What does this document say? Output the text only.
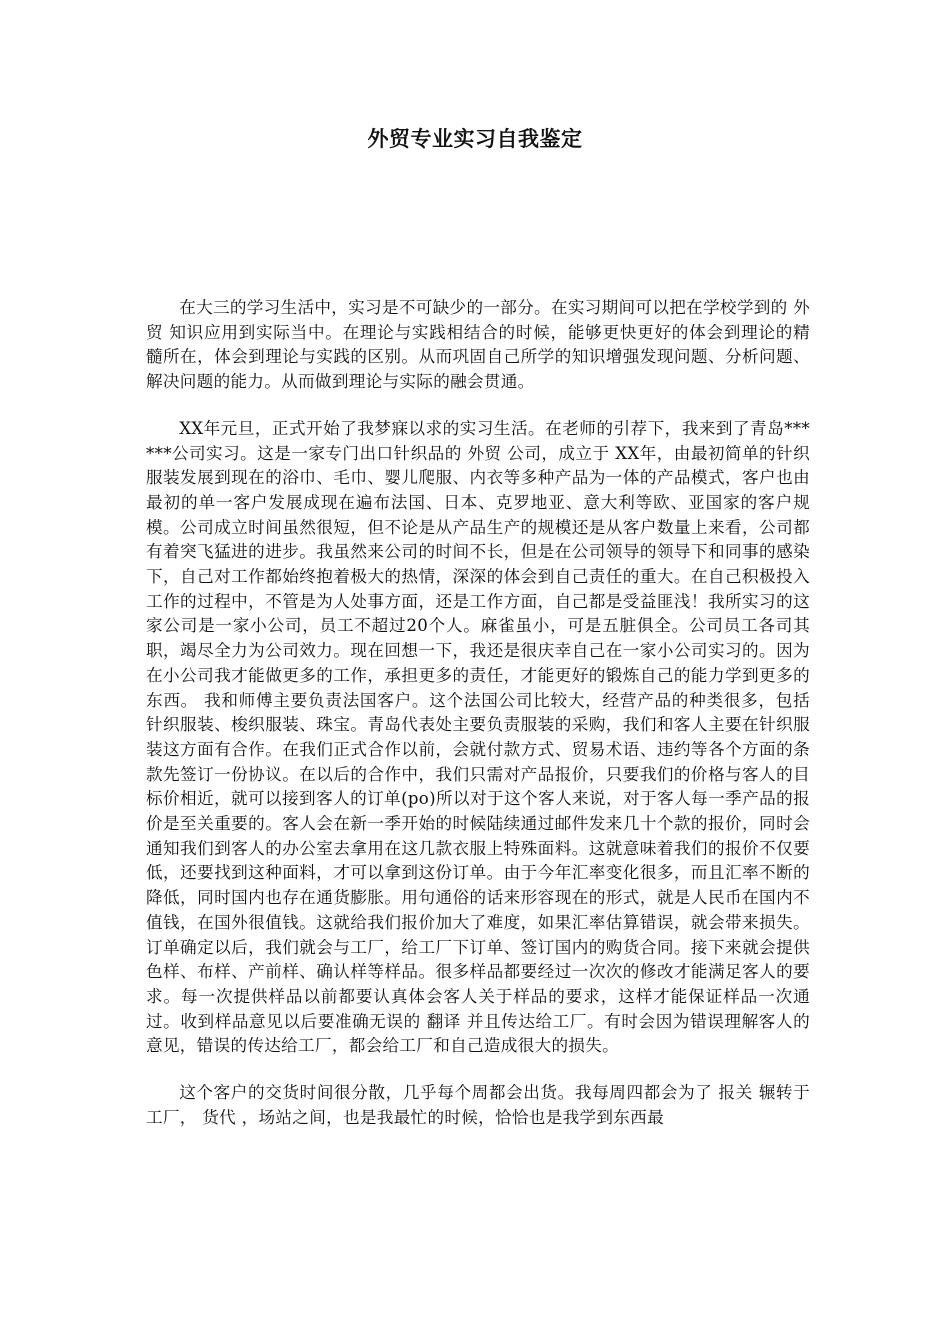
外贸专业实习自我鉴定

在大三的学习生活中，实习是不可缺少的一部分。在实习期间可以把在学校学到的 外贸 知识应用到实际当中。在理论与实践相结合的时候，能够更快更好的体会到理论的精髓所在，体会到理论与实践的区别。从而巩固自己所学的知识增强发现问题、分析问题、解决问题的能力。从而做到理论与实际的融会贯通。

XX年元旦，正式开始了我梦寐以求的实习生活。在老师的引荐下，我来到了青岛******公司实习。这是一家专门出口针织品的 外贸 公司，成立于 XX年，由最初简单的针织服装发展到现在的浴巾、毛巾、婴儿爬服、内衣等多种产品为一体的产品模式，客户也由最初的单一客户发展成现在遍布法国、日本、克罗地亚、意大利等欧、亚国家的客户规模。公司成立时间虽然很短，但不论是从产品生产的规模还是从客户数量上来看，公司都有着突飞猛进的进步。我虽然来公司的时间不长，但是在公司领导的领导下和同事的感染下，自己对工作都始终抱着极大的热情，深深的体会到自己责任的重大。在自己积极投入工作的过程中，不管是为人处事方面，还是工作方面，自己都是受益匪浅！我所实习的这家公司是一家小公司，员工不超过20个人。麻雀虽小，可是五脏俱全。公司员工各司其职，竭尽全力为公司效力。现在回想一下，我还是很庆幸自己在一家小公司实习的。因为在小公司我才能做更多的工作，承担更多的责任，才能更好的锻炼自己的能力学到更多的东西。 我和师傅主要负责法国客户。这个法国公司比较大，经营产品的种类很多，包括针织服装、梭织服装、珠宝。青岛代表处主要负责服装的采购，我们和客人主要在针织服装这方面有合作。在我们正式合作以前，会就付款方式、贸易术语、违约等各个方面的条款先签订一份协议。在以后的合作中，我们只需对产品报价，只要我们的价格与客人的目标价相近，就可以接到客人的订单(po)所以对于这个客人来说，对于客人每一季产品的报价是至关重要的。客人会在新一季开始的时候陆续通过邮件发来几十个款的报价，同时会通知我们到客人的办公室去拿用在这几款衣服上特殊面料。这就意味着我们的报价不仅要低，还要找到这种面料，才可以拿到这份订单。由于今年汇率变化很多，而且汇率不断的降低，同时国内也存在通货膨胀。用句通俗的话来形容现在的形式，就是人民币在国内不值钱，在国外很值钱。这就给我们报价加大了难度，如果汇率估算错误，就会带来损失。 订单确定以后，我们就会与工厂，给工厂下订单、签订国内的购货合同。接下来就会提供色样、布样、产前样、确认样等样品。很多样品都要经过一次次的修改才能满足客人的要求。每一次提供样品以前都要认真体会客人关于样品的要求，这样才能保证样品一次通过。收到样品意见以后要准确无误的 翻译 并且传达给工厂。有时会因为错误理解客人的意见，错误的传达给工厂，都会给工厂和自己造成很大的损失。

这个客户的交货时间很分散，几乎每个周都会出货。我每周四都会为了 报关 辗转于工厂， 货代 ，场站之间，也是我最忙的时候，恰恰也是我学到东西最
